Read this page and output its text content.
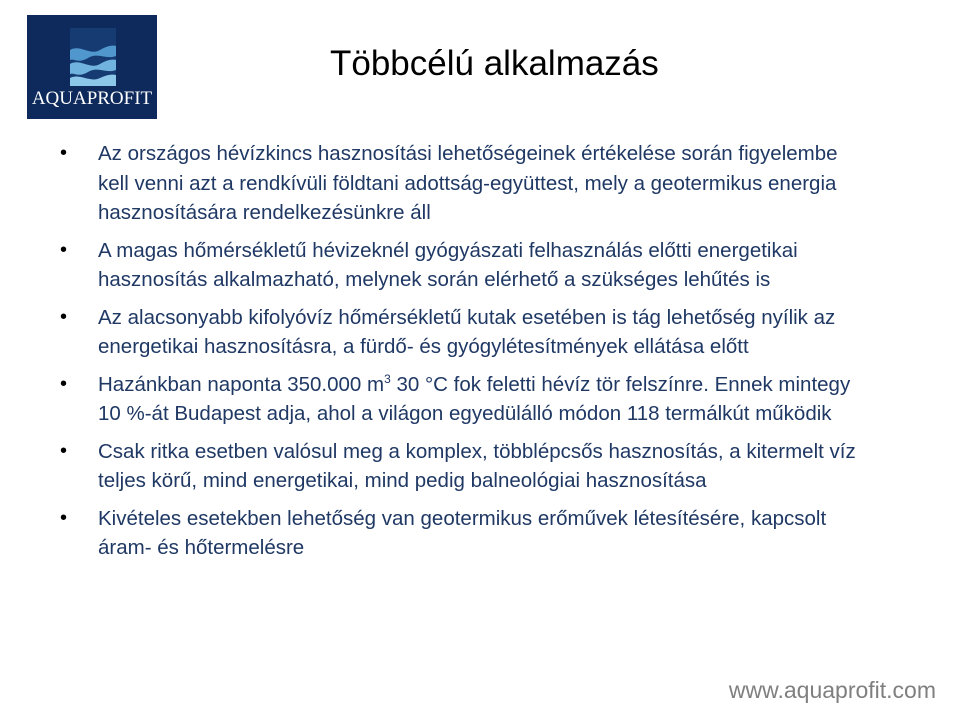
AQUAPROFIT
Többcélú alkalmazás
• Az országos hévízkincs hasznosítási lehetőségeinek értékelése során figyelembe kell venni azt a rendkívüli földtani adottság-együttest, mely a geotermikus energia hasznosítására rendelkezésünkre áll
• A magas hőmérsékletű hévizeknél gyógyászati felhasználás előtti energetikai hasznosítás alkalmazható, melynek során elérhető a szükséges lehűtés is
• Az alacsonyabb kifolyóvíz hőmérsékletű kutak esetében is tág lehetőség nyílik az energetikai hasznosításra, a fürdő- és gyógylétesítmények ellátása előtt
• Hazánkban naponta 350.000 $m^3$ 30 °C fok feletti hévíz tör felszínre. Ennek mintegy 10 %-át Budapest adja, ahol a világon egyedülálló módon 118 termálkút működik
• Csak ritka esetben valósul meg a komplex, többlépcsős hasznosítás, a kitermelt víz teljes körű, mind energetikai, mind pedig balneológiai hasznosítása
• Kivételes esetekben lehetőség van geotermikus erőművek létesítésére, kapcsolt áram- és hőtermelésre
www.aquaprofit.com
